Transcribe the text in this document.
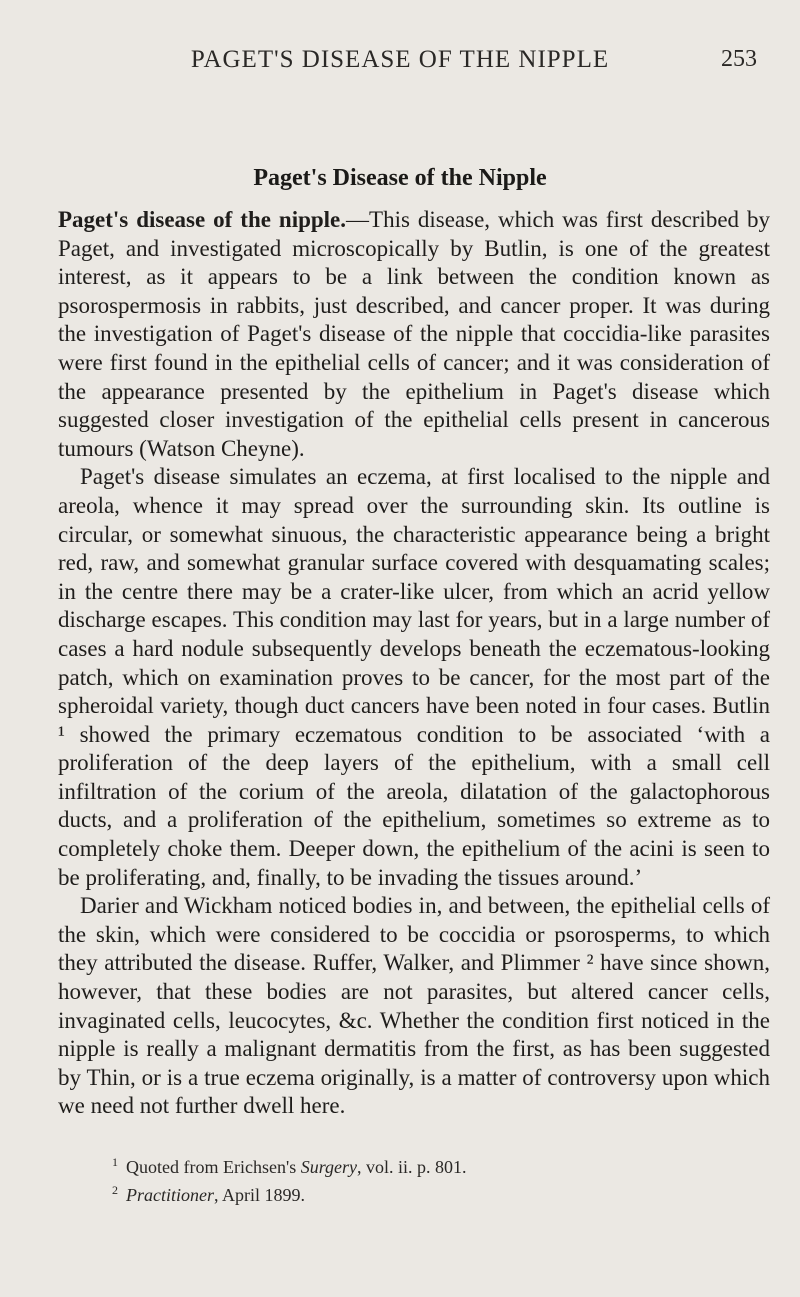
PAGET'S DISEASE OF THE NIPPLE	253
Paget's Disease of the Nipple

Paget's disease of the nipple.—This disease, which was first described by Paget, and investigated microscopically by Butlin, is one of the greatest interest, as it appears to be a link between the condition known as psorospermosis in rabbits, just described, and cancer proper. It was during the investigation of Paget's disease of the nipple that coccidia-like parasites were first found in the epithelial cells of cancer; and it was consideration of the appearance presented by the epithelium in Paget's disease which suggested closer investigation of the epithelial cells present in cancerous tumours (Watson Cheyne).

Paget's disease simulates an eczema, at first localised to the nipple and areola, whence it may spread over the surrounding skin. Its outline is circular, or somewhat sinuous, the characteristic appearance being a bright red, raw, and somewhat granular surface covered with desquamating scales; in the centre there may be a crater-like ulcer, from which an acrid yellow discharge escapes. This condition may last for years, but in a large number of cases a hard nodule subsequently develops beneath the eczematous-looking patch, which on examination proves to be cancer, for the most part of the spheroidal variety, though duct cancers have been noted in four cases. Butlin ¹ showed the primary eczematous condition to be associated ‘with a proliferation of the deep layers of the epithelium, with a small cell infiltration of the corium of the areola, dilatation of the galactophorous ducts, and a proliferation of the epithelium, sometimes so extreme as to completely choke them. Deeper down, the epithelium of the acini is seen to be proliferating, and, finally, to be invading the tissues around.’

Darier and Wickham noticed bodies in, and between, the epithelial cells of the skin, which were considered to be coccidia or psorosperms, to which they attributed the disease. Ruffer, Walker, and Plimmer ² have since shown, however, that these bodies are not parasites, but altered cancer cells, invaginated cells, leucocytes, &c. Whether the condition first noticed in the nipple is really a malignant dermatitis from the first, as has been suggested by Thin, or is a true eczema originally, is a matter of controversy upon which we need not further dwell here.

$^1$ Quoted from Erichsen's Surgery, vol. ii. p. 801.

$^2$ Practitioner, April 1899.
